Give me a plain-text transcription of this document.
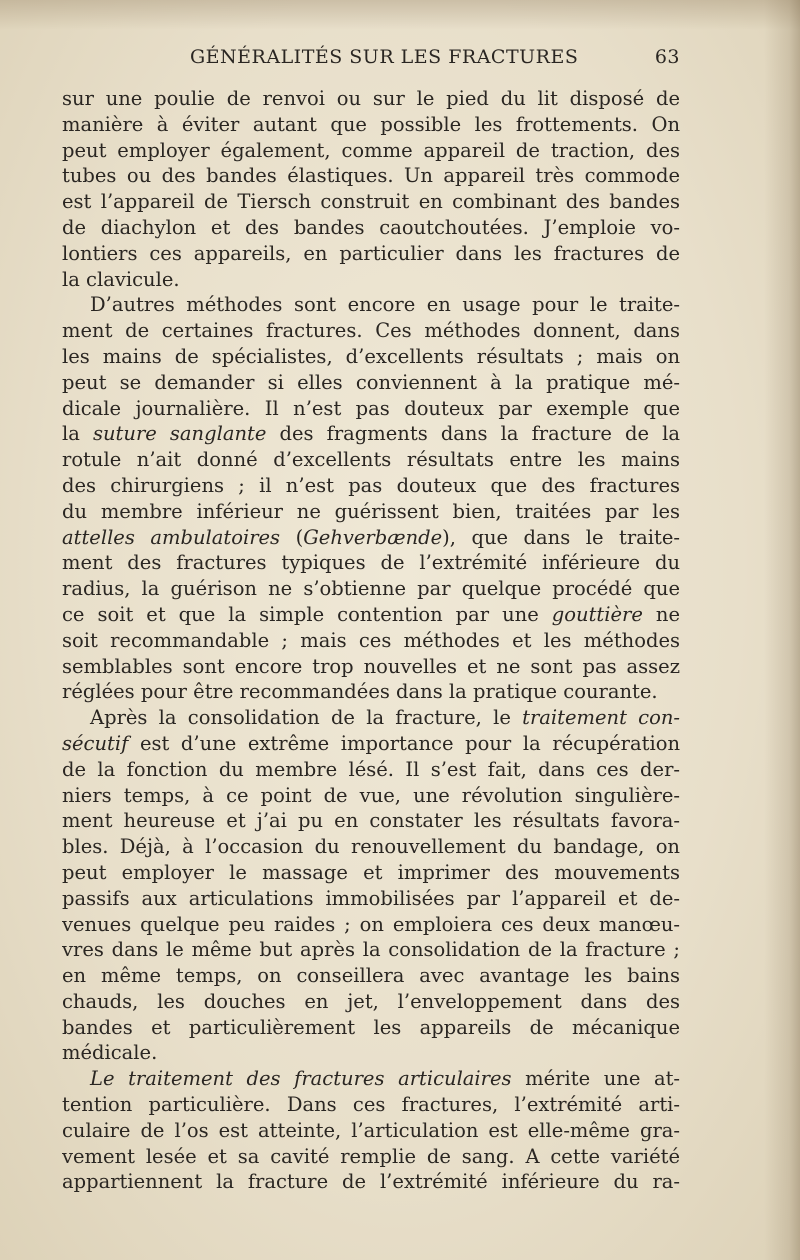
GÉNÉRALITÉS SUR LES FRACTURES	63
sur une poulie de renvoi ou sur le pied du lit disposé de
manière à éviter autant que possible les frottements. On
peut employer également, comme appareil de traction, des
tubes ou des bandes élastiques. Un appareil très commode
est l’appareil de Tiersch construit en combinant des bandes
de diachylon et des bandes caoutchoutées. J’emploie vo-
lontiers ces appareils, en particulier dans les fractures de
la clavicule.
D’autres méthodes sont encore en usage pour le traite-
ment de certaines fractures. Ces méthodes donnent, dans
les mains de spécialistes, d’excellents résultats ; mais on
peut se demander si elles conviennent à la pratique mé-
dicale journalière. Il n’est pas douteux par exemple que
la suture sanglante des fragments dans la fracture de la
rotule n’ait donné d’excellents résultats entre les mains
des chirurgiens ; il n’est pas douteux que des fractures
du membre inférieur ne guérissent bien, traitées par les
attelles ambulatoires (Gehverbænde), que dans le traite-
ment des fractures typiques de l’extrémité inférieure du
radius, la guérison ne s’obtienne par quelque procédé que
ce soit et que la simple contention par une gouttière ne
soit recommandable ; mais ces méthodes et les méthodes
semblables sont encore trop nouvelles et ne sont pas assez
réglées pour être recommandées dans la pratique courante.
Après la consolidation de la fracture, le traitement con-
sécutif est d’une extrême importance pour la récupération
de la fonction du membre lésé. Il s’est fait, dans ces der-
niers temps, à ce point de vue, une révolution singulière-
ment heureuse et j’ai pu en constater les résultats favora-
bles. Déjà, à l’occasion du renouvellement du bandage, on
peut employer le massage et imprimer des mouvements
passifs aux articulations immobilisées par l’appareil et de-
venues quelque peu raides ; on emploiera ces deux manœu-
vres dans le même but après la consolidation de la fracture ;
en même temps, on conseillera avec avantage les bains
chauds, les douches en jet, l’enveloppement dans des
bandes et particulièrement les appareils de mécanique
médicale.
Le traitement des fractures articulaires mérite une at-
tention particulière. Dans ces fractures, l’extrémité arti-
culaire de l’os est atteinte, l’articulation est elle-même gra-
vement lesée et sa cavité remplie de sang. A cette variété
appartiennent la fracture de l’extrémité inférieure du ra-
